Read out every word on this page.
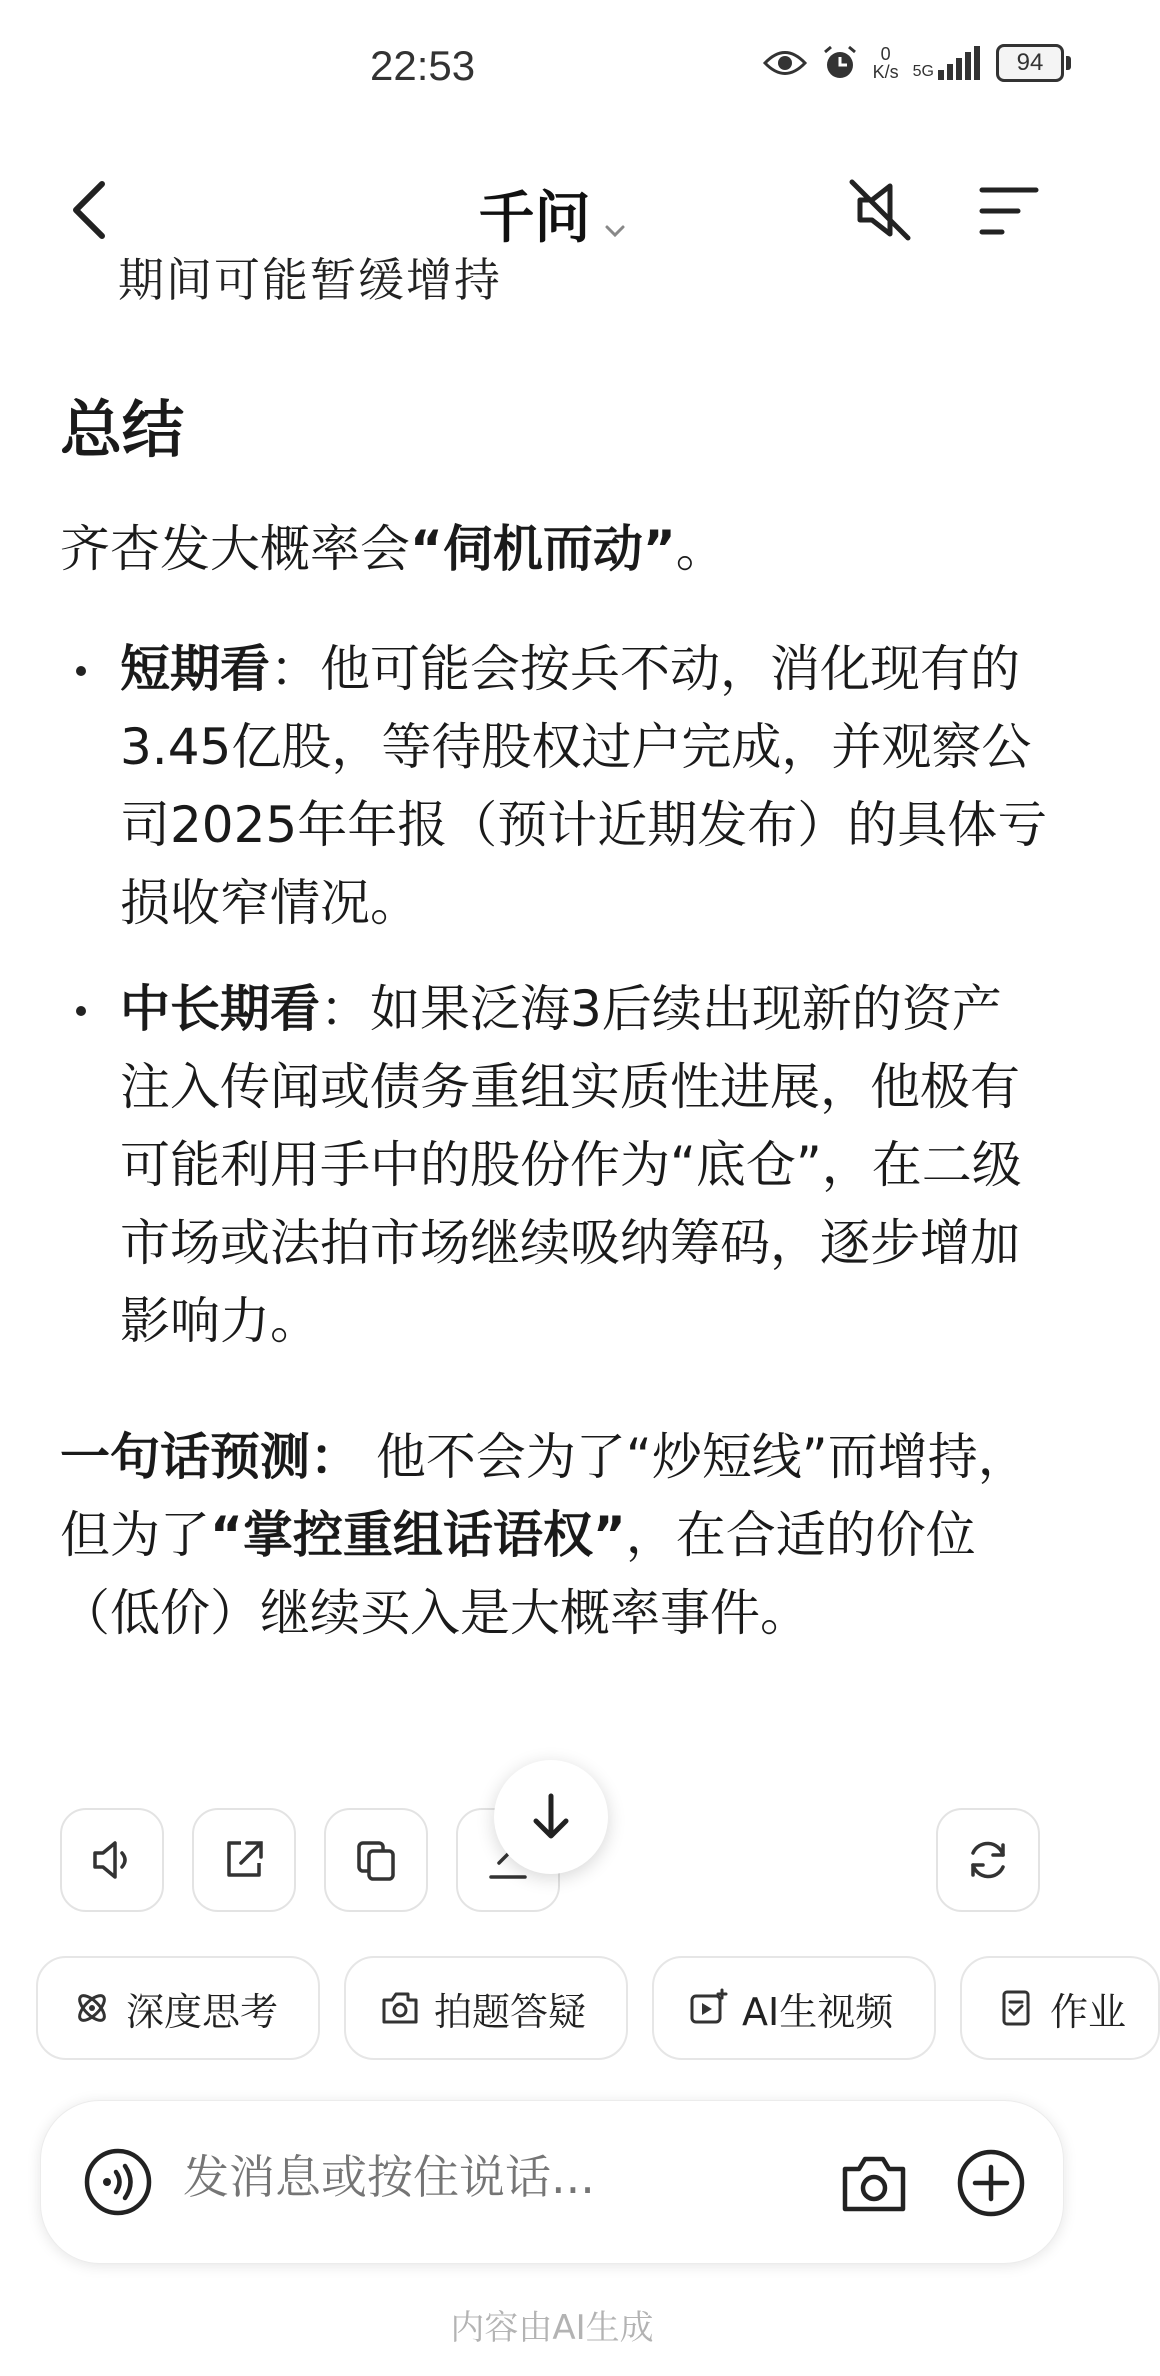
22:53	0
K/s 5G	94
千问
期间可能暂缓增持
总结

齐杏发大概率会“伺机而动”。

短期看：他可能会按兵不动，消化现有的3.45亿股，等待股权过户完成，并观察公司2025年年报（预计近期发布）的具体亏损收窄情况。
中长期看：如果泛海3后续出现新的资产注入传闻或债务重组实质性进展，他极有可能利用手中的股份作为“底仓”，在二级市场或法拍市场继续吸纳筹码，逐步增加影响力。

一句话预测： 他不会为了“炒短线”而增持，但为了“掌控重组话语权”，在合适的价位（低价）继续买入是大概率事件。

深度思考	拍题答疑	AI生视频	作业
发消息或按住说话...
内容由AI生成
